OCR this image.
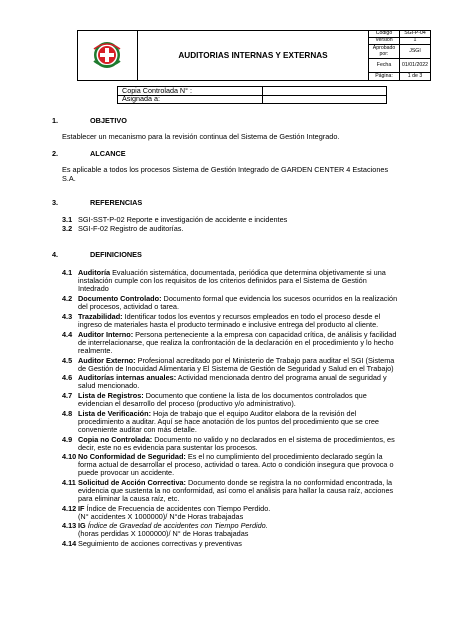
AUDITORIAS INTERNAS Y EXTERNAS
Código	SGI-P-04
Versión	1
Aprobado por:	JSGI
Fecha	01/01/2022
Página:	1 de 3
Copia Controlada N° :
Asignada a:
1.	OBJETIVO
Establecer un mecanismo para la revisión continua del Sistema de Gestión Integrado.
2.	ALCANCE
Es aplicable a todos los procesos Sistema de Gestión Integrado de GARDEN CENTER 4 Estaciones
S.A.
3.	REFERENCIAS
3.1 SGI-SST-P-02 Reporte e investigación de accidente e incidentes
3.2 SGI-F-02 Registro de auditorías.
4.	DEFINICIONES
4.1 Auditoría Evaluación sistemática, documentada, periódica que determina objetivamente si una
instalación cumple con los requisitos de los criterios definidos para el Sistema de Gestión
Intedrado
4.2 Documento Controlado: Documento formal que evidencia los sucesos ocurridos en la realización
del procesos, actividad o tarea.
4.3 Trazabilidad: Identificar todos los eventos y recursos empleados en todo el proceso desde el
ingreso de materiales hasta el producto terminado e inclusive entrega del producto al cliente.
4.4 Auditor Interno: Persona perteneciente a la empresa con capacidad crítica, de análisis y facilidad
de interrelacionarse, que realiza la confrontación de la declaración en el procedimiento y lo hecho
realmente.
4.5 Auditor Externo: Profesional acreditado por el Ministerio de Trabajo para auditar el SGI (Sistema
de Gestión de Inocuidad Alimentaria y El Sistema de Gestión de Seguridad y Salud en el Trabajo)
4.6 Auditorías internas anuales: Actividad mencionada dentro del programa anual de seguridad y
salud mencionado.
4.7 Lista de Registros: Documento que contiene la lista de los documentos controlados que
evidencian el desarrollo del proceso (productivo y/o administrativo).
4.8 Lista de Verificación: Hoja de trabajo que el equipo Auditor elabora de la revisión del
procedimiento a auditar. Aquí se hace anotación de los puntos del procedimiento que se cree
conveniente auditar con más detalle.
4.9 Copia no Controlada: Documento no valido y no declarados en el sistema de procedimientos, es
decir, este no es evidencia para sustentar los procesos.
4.10 No Conformidad de Seguridad: Es el no cumplimiento del procedimiento declarado según la
forma actual de desarrollar el proceso, actividad o tarea. Acto o condición insegura que provoca o
puede provocar un accidente.
4.11 Solicitud de Acción Correctiva: Documento donde se registra la no conformidad encontrada, la
evidencia que sustenta la no conformidad, así como el análisis para hallar la causa raíz, acciones
para eliminar la causa raíz, etc.
4.12 IF Índice de Frecuencia de accidentes con Tiempo Perdido.
(N° accidentes X 1000000)/ N°de Horas trabajadas
4.13 IG Índice de Gravedad de accidentes con Tiempo Perdido.
(horas perdidas X 1000000)/ N° de Horas trabajadas
4.14 Seguimiento de acciones correctivas y preventivas
